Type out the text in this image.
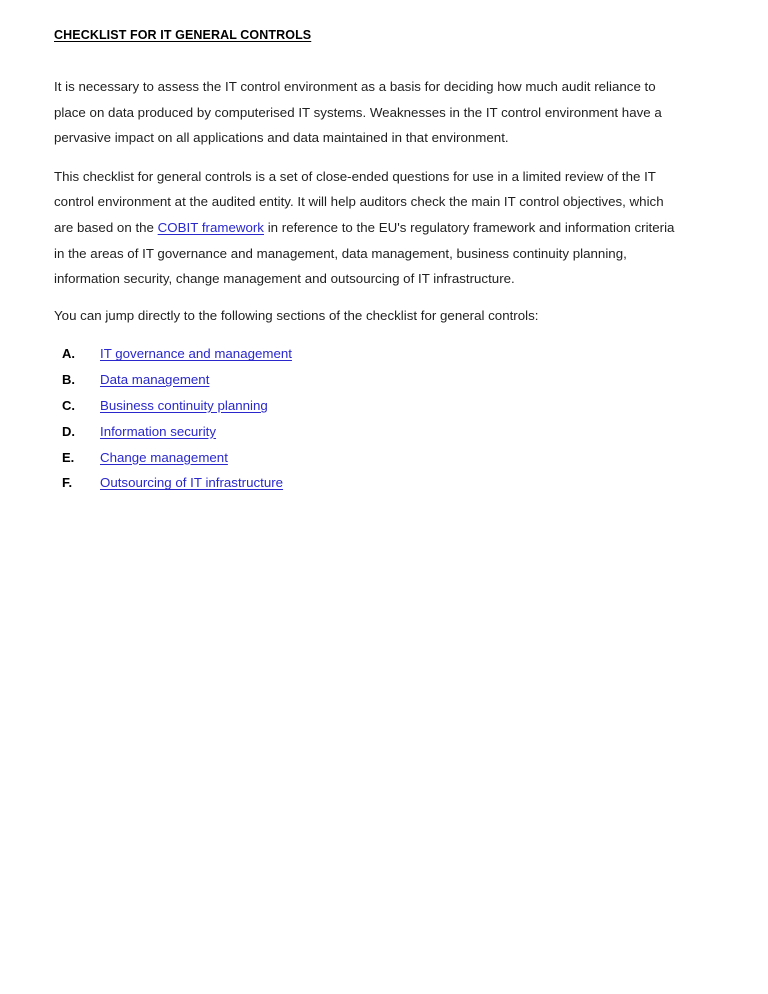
CHECKLIST FOR IT GENERAL CONTROLS

It is necessary to assess the IT control environment as a basis for deciding how much audit reliance to place on data produced by computerised IT systems. Weaknesses in the IT control environment have a pervasive impact on all applications and data maintained in that environment.

This checklist for general controls is a set of close-ended questions for use in a limited review of the IT control environment at the audited entity. It will help auditors check the main IT control objectives, which are based on the COBIT framework in reference to the EU's regulatory framework and information criteria in the areas of IT governance and management, data management, business continuity planning, information security, change management and outsourcing of IT infrastructure.

You can jump directly to the following sections of the checklist for general controls:

A.	IT governance and management
B.	Data management
C.	Business continuity planning
D.	Information security
E.	Change management
F.	Outsourcing of IT infrastructure
